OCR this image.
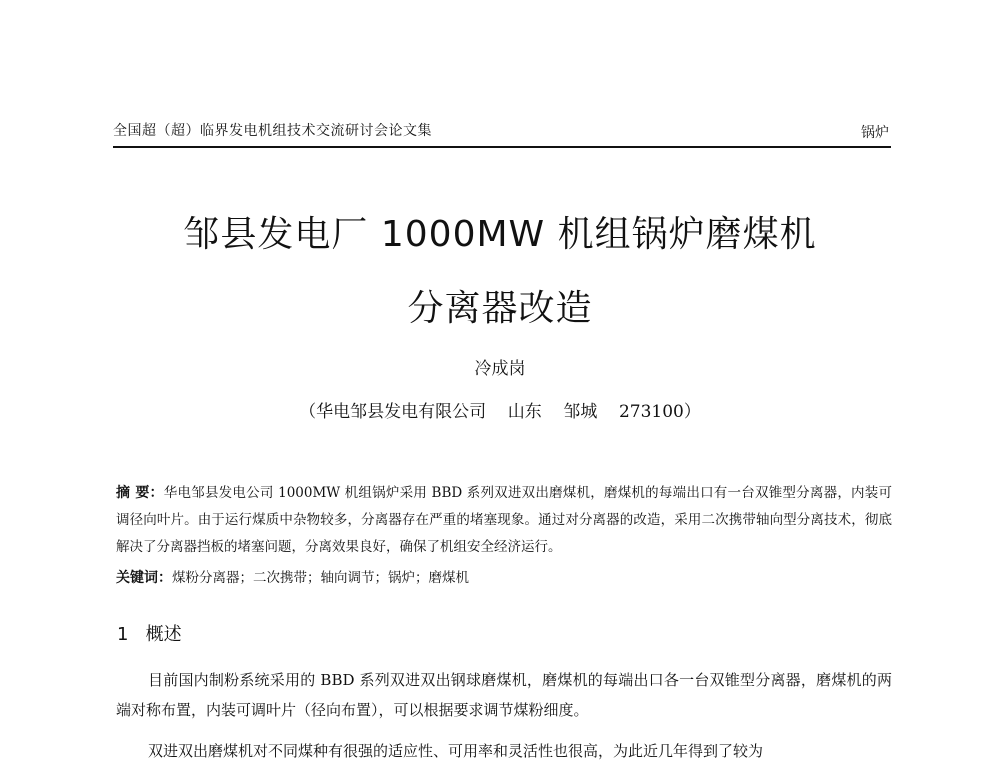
全国超（超）临界发电机组技术交流研讨会论文集	锅炉
邹县发电厂 1000MW 机组锅炉磨煤机
分离器改造
冷成岗
（华电邹县发电有限公司    山东    邹城    273100）
摘 要：华电邹县发电公司 1000MW 机组锅炉采用 BBD 系列双进双出磨煤机，磨煤机的每端出口有一台双锥型分离器，内装可调径向叶片。由于运行煤质中杂物较多，分离器存在严重的堵塞现象。通过对分离器的改造，采用二次携带轴向型分离技术，彻底解决了分离器挡板的堵塞问题，分离效果良好，确保了机组安全经济运行。
关键词：煤粉分离器；二次携带；轴向调节；锅炉；磨煤机
1   概述
目前国内制粉系统采用的 BBD 系列双进双出钢球磨煤机，磨煤机的每端出口各一台双锥型分离器，磨煤机的两端对称布置，内装可调叶片（径向布置），可以根据要求调节煤粉细度。
双进双出磨煤机对不同煤种有很强的适应性、可用率和灵活性也很高，为此近几年得到了较为
